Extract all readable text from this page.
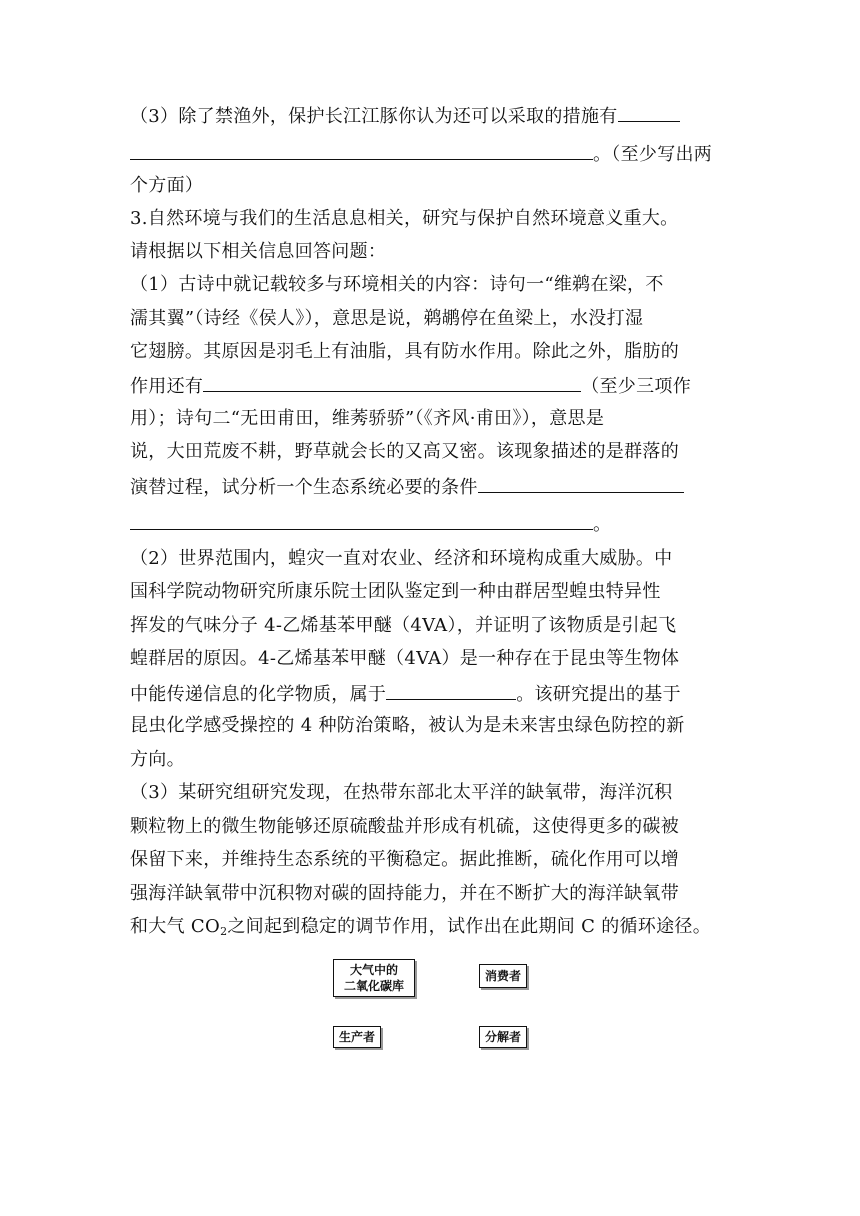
（3）除了禁渔外，保护长江江豚你认为还可以采取的措施有
。（至少写出两
个方面）
3.自然环境与我们的生活息息相关，研究与保护自然环境意义重大。
请根据以下相关信息回答问题：
（1）古诗中就记载较多与环境相关的内容：诗句一“维鹈在梁，不
濡其翼”（诗经《侯人》），意思是说，鹈鹕停在鱼梁上，水没打湿
它翅膀。其原因是羽毛上有油脂，具有防水作用。除此之外，脂肪的
作用还有	（至少三项作
用）；诗句二“无田甫田，维莠骄骄”（《齐风·甫田》），意思是
说，大田荒废不耕，野草就会长的又高又密。该现象描述的是群落的
演替过程，试分析一个生态系统必要的条件
。
（2）世界范围内，蝗灾一直对农业、经济和环境构成重大威胁。中
国科学院动物研究所康乐院士团队鉴定到一种由群居型蝗虫特异性
挥发的气味分子 4-乙烯基苯甲醚（4VA），并证明了该物质是引起飞
蝗群居的原因。4-乙烯基苯甲醚（4VA）是一种存在于昆虫等生物体
中能传递信息的化学物质，属于	。该研究提出的基于
昆虫化学感受操控的 4 种防治策略，被认为是未来害虫绿色防控的新
方向。
（3）某研究组研究发现，在热带东部北太平洋的缺氧带，海洋沉积
颗粒物上的微生物能够还原硫酸盐并形成有机硫，这使得更多的碳被
保留下来，并维持生态系统的平衡稳定。据此推断，硫化作用可以增
强海洋缺氧带中沉积物对碳的固持能力，并在不断扩大的海洋缺氧带
和大气 $CO_2$之间起到稳定的调节作用，试作出在此期间 C 的循环途径。
大气中的
二氧化碳库
消费者
生产者	分解者
